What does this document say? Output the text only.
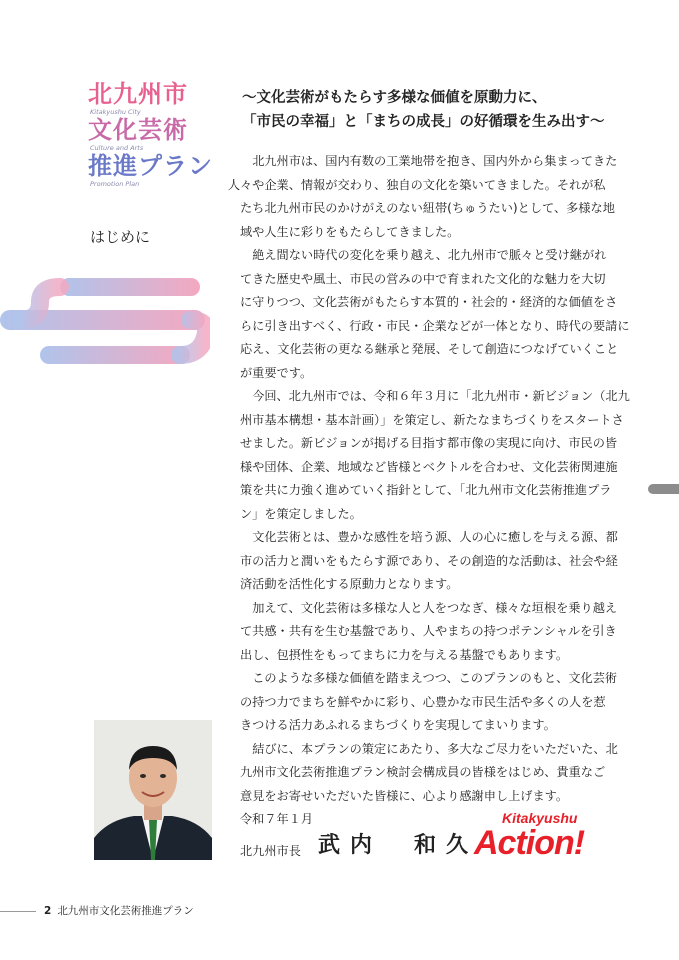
北九州市
Kitakyushu City
文化芸術
Culture and Arts
推進プラン
Promotion Plan
はじめに
〜文化芸術がもたらす多様な価値を原動力に、
「市民の幸福」と「まちの成長」の好循環を生み出す〜

北九州市は、国内有数の工業地帯を抱き、国内外から集まってきた
人々や企業、情報が交わり、独自の文化を築いてきました。それが私
たち北九州市民のかけがえのない紐帯(ちゅうたい)として、多様な地
域や人生に彩りをもたらしてきました。

絶え間ない時代の変化を乗り越え、北九州市で脈々と受け継がれ
てきた歴史や風土、市民の営みの中で育まれた文化的な魅力を大切
に守りつつ、文化芸術がもたらす本質的・社会的・経済的な価値をさ
らに引き出すべく、行政・市民・企業などが一体となり、時代の要請に
応え、文化芸術の更なる継承と発展、そして創造につなげていくこと
が重要です。

今回、北九州市では、令和６年３月に「北九州市・新ビジョン（北九
州市基本構想・基本計画）」を策定し、新たなまちづくりをスタートさ
せました。新ビジョンが掲げる目指す都市像の実現に向け、市民の皆
様や団体、企業、地域など皆様とベクトルを合わせ、文化芸術関連施
策を共に力強く進めていく指針として、「北九州市文化芸術推進プラ
ン」を策定しました。

文化芸術とは、豊かな感性を培う源、人の心に癒しを与える源、都
市の活力と潤いをもたらす源であり、その創造的な活動は、社会や経
済活動を活性化する原動力となります。

加えて、文化芸術は多様な人と人をつなぎ、様々な垣根を乗り越え
て共感・共有を生む基盤であり、人やまちの持つポテンシャルを引き
出し、包摂性をもってまちに力を与える基盤でもあります。

このような多様な価値を踏まえつつ、このプランのもと、文化芸術
の持つ力でまちを鮮やかに彩り、心豊かな市民生活や多くの人を惹
きつける活力あふれるまちづくりを実現してまいります。

結びに、本プランの策定にあたり、多大なご尽力をいただいた、北
九州市文化芸術推進プラン検討会構成員の皆様をはじめ、貴重なご
意見をお寄せいただいた皆様に、心より感謝申し上げます。

令和７年１月
北九州市長 武内　和久
Kitakyushu
Action!
2 北九州市文化芸術推進プラン
